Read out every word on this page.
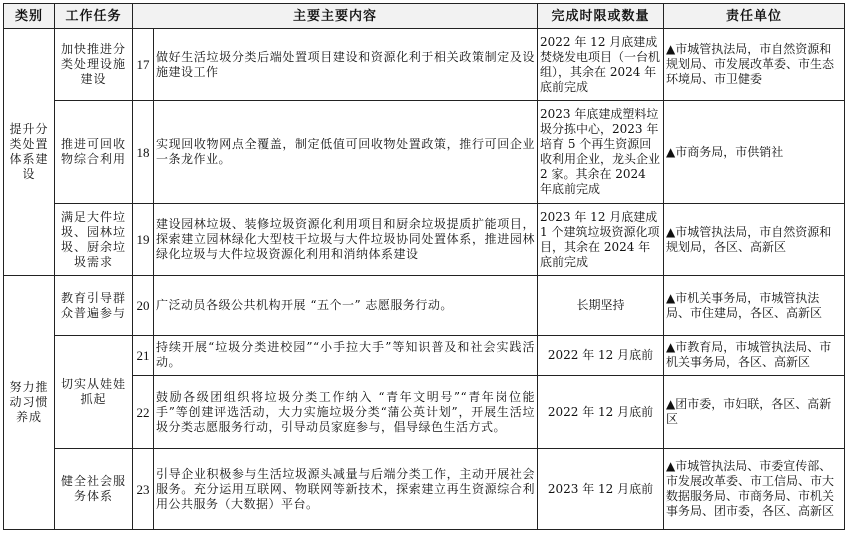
类别	工作任务	主要主要内容		完成时限或数量	责任单位
提升分类处置体系建设	加快推进分类处理设施建设	17	做好生活垃圾分类后端处置项目建设和资源化利于相关政策制定及设施建设工作	2022 年 12 月底建成焚烧发电项目（一台机组），其余在 2024 年底前完成	▲市城管执法局，市自然资源和规划局、市发展改革委、市生态环境局、市卫健委
	推进可回收物综合利用	18	实现回收物网点全覆盖，制定低值可回收物处置政策，推行可回企业一条龙作业。	2023 年底建成塑料垃圾分拣中心，2023 年培育 5 个再生资源回收利用企业，龙头企业 2 家。其余在 2024 年底前完成	▲市商务局，市供销社
	满足大件垃圾、园林垃圾、厨余垃圾需求	19	建设园林垃圾、装修垃圾资源化利用项目和厨余垃圾提质扩能项目，探索建立园林绿化大型枝干垃圾与大件垃圾协同处置体系，推进园林绿化垃圾与大件垃圾资源化利用和消纳体系建设	2023 年 12 月底建成 1 个建筑垃圾资源化项目，其余在 2024 年底前完成	▲市城管执法局，市自然资源和规划局，各区、高新区
努力推动习惯养成	教育引导群众普遍参与	20	广泛动员各级公共机构开展 “五个一” 志愿服务行动。	长期坚持	▲市机关事务局，市城管执法局、市住建局，各区、高新区
	切实从娃娃抓起	21	持续开展“垃圾分类进校园”“小手拉大手”等知识普及和社会实践活动。	2022 年 12 月底前	▲市教育局，市城管执法局、市机关事务局，各区、高新区
		22	鼓励各级团组织将垃圾分类工作纳入 “青年文明号”“青年岗位能手”等创建评选活动，大力实施垃圾分类“蒲公英计划”，开展生活垃圾分类志愿服务行动，引导动员家庭参与，倡导绿色生活方式。	2022 年 12 月底前	▲团市委，市妇联，各区、高新区
	健全社会服务体系	23	引导企业积极参与生活垃圾源头减量与后端分类工作，主动开展社会服务。充分运用互联网、物联网等新技术，探索建立再生资源综合利用公共服务（大数据）平台。	2023 年 12 月底前	▲市城管执法局、市委宣传部、市发展改革委、市工信局、市大数据服务局、市商务局、市机关事务局、团市委，各区、高新区
